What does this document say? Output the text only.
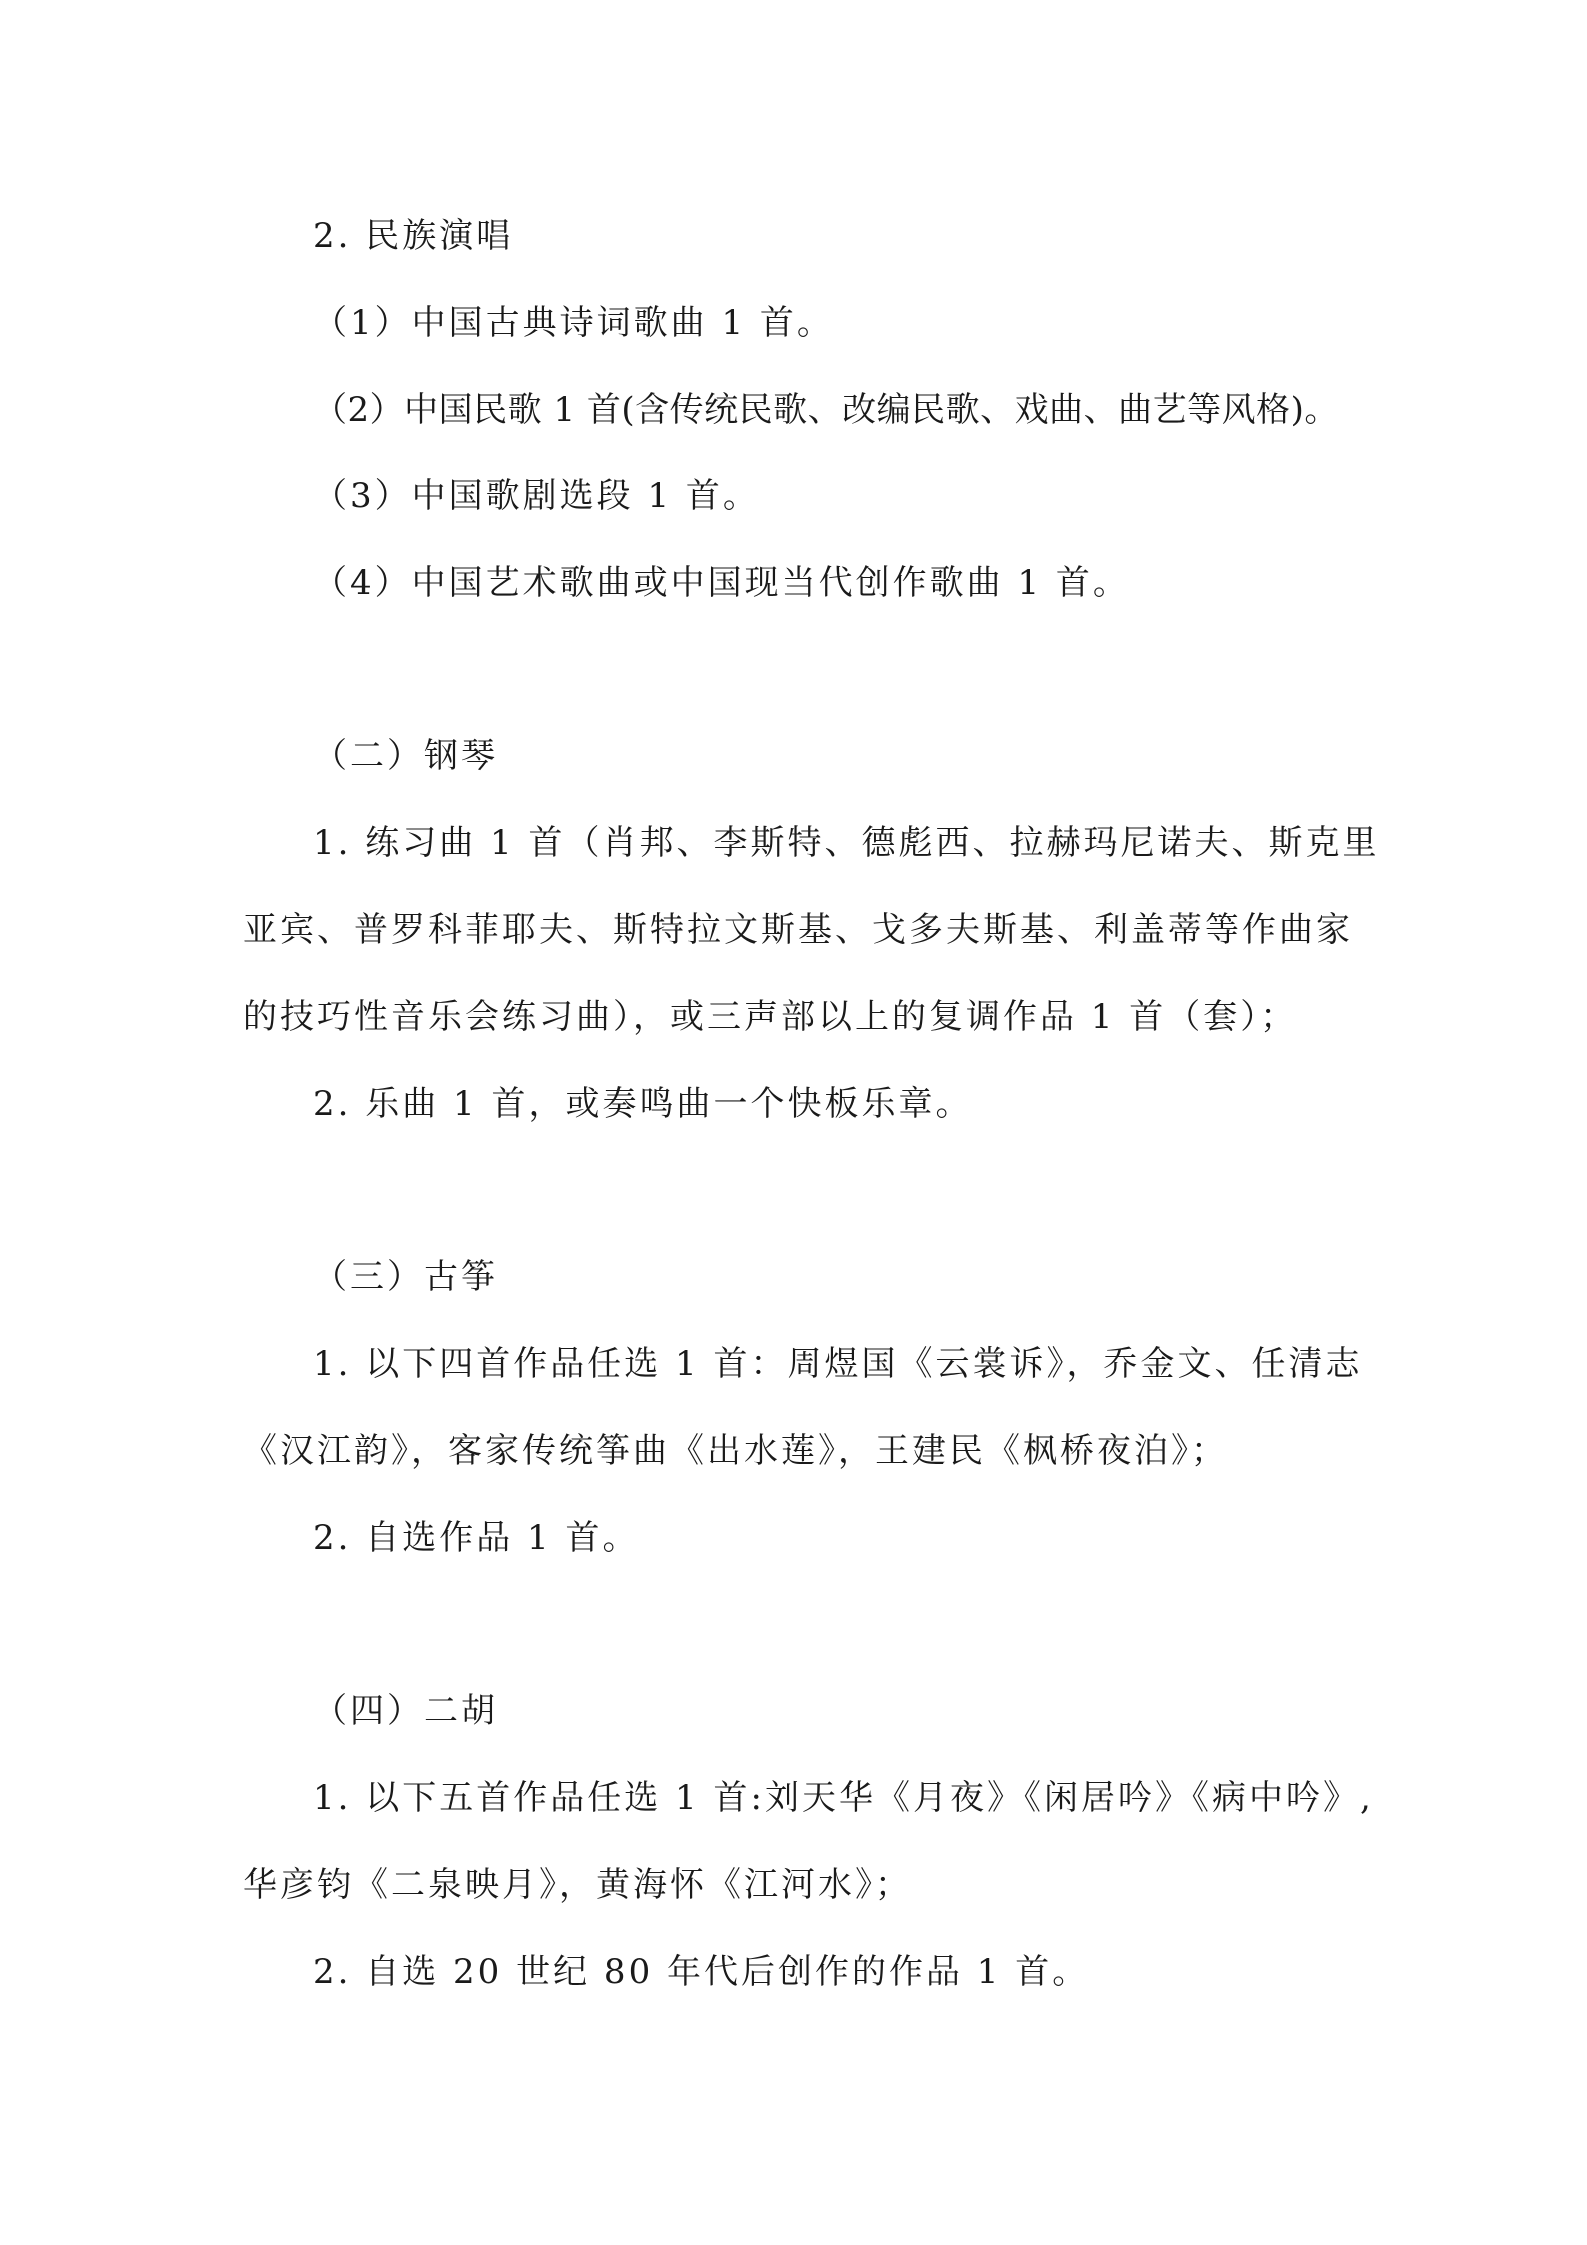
2. 民族演唱
（1）中国古典诗词歌曲 1 首。
（2）中国民歌 1 首(含传统民歌、改编民歌、戏曲、曲艺等风格)。
（3）中国歌剧选段 1 首。
（4）中国艺术歌曲或中国现当代创作歌曲 1 首。
（二）钢琴
1. 练习曲 1 首（肖邦、李斯特、德彪西、拉赫玛尼诺夫、斯克里
亚宾、普罗科菲耶夫、斯特拉文斯基、戈多夫斯基、利盖蒂等作曲家
的技巧性音乐会练习曲），或三声部以上的复调作品 1 首（套）；
2. 乐曲 1 首，或奏鸣曲一个快板乐章。
（三）古筝
1. 以下四首作品任选 1 首：周煜国《云裳诉》，乔金文、任清志
《汉江韵》，客家传统筝曲《出水莲》，王建民《枫桥夜泊》；
2. 自选作品 1 首。
（四）二胡
1. 以下五首作品任选 1 首:刘天华《月夜》《闲居吟》《病中吟》,
华彦钧《二泉映月》，黄海怀《江河水》；
2. 自选 20 世纪 80 年代后创作的作品 1 首。
